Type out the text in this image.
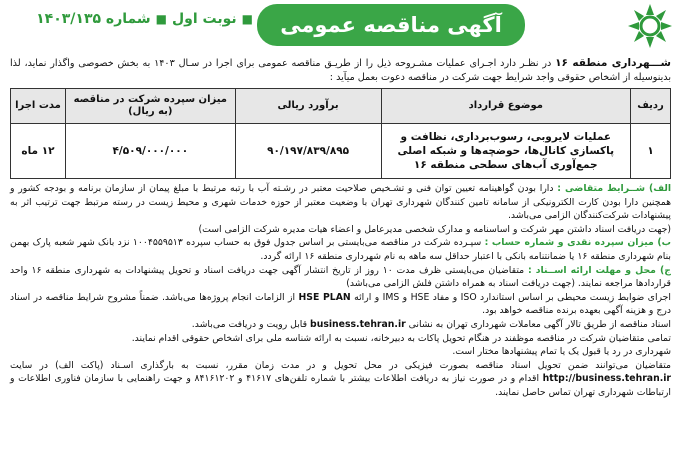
آگهی مناقصه عمومی
■
نوبت اول
■
شماره ۱۴۰۳/۱۳۵
شـــهرداری منطقه ۱۶ در نظـر دارد اجـرای عملیات مشـروحه ذیل را از طریـق مناقصه عمومی برای اجرا در سـال ۱۴۰۳ به بخش خصوصی واگذار نماید، لذا بدینوسیله از اشخاص حقوقی واجد شرایط جهت شرکت در مناقصه دعوت بعمل میآید :
ردیف	موضوع قرارداد	برآورد ریالی	میزان سپرده شرکت در مناقصه (به ریال)	مدت اجرا
۱	عملیات لایروبی، رسوب‌برداری، نظافت و پاکسازی کانال‌ها، حوضچه‌ها و شبکه اصلی جمع‌آوری آب‌های سطحی منطقه ۱۶	۹۰/۱۹۷/۸۳۹/۸۹۵	۴/۵۰۹/۰۰۰/۰۰۰	۱۲ ماه

الف) شــرایط متقاضی : دارا بودن گواهینامه تعیین توان فنی و تشـخیص صلاحیت معتبر در رشـته آب با رتبه مرتبط با مبلغ پیمان از سازمان برنامه و بودجه کشور و همچنین دارا بودن کارت الکترونیکی از سامانه تامین کنندگان شهرداری تهران با وضعیت معتبر از حوزه خدمات شهری و محیط زیست در رسته مرتبط جهت ترتیب اثر به پیشنهادات شرکت‌کنندگان الزامی می‌باشد.

(جهت دریافت اسناد داشتن مهر شرکت و اساسنامه و مدارک شخصی مدیرعامل و اعضاء هیات مدیره شرکت الزامی است)

ب) میزان سپرده نقدی و شماره حساب : سپـرده شرکت در مناقصه می‌بایستی بر اساس جدول فوق به حساب سپرده ۱۰۰۴۵۵۹۵۱۳ نزد بانک شهر شعبه پارک بهمن بنام شهرداری منطقه ۱۶ یا ضمانتنامه بانکی با اعتبار حداقل سه ماهه به نام شهرداری منطقه ۱۶ ارائه گردد.

ج) محل و مهلت ارائه اســناد : متقاضیان می‌بایستی ظرف مدت ۱۰ روز از تاریخ انتشار آگهی جهت دریافت اسناد و تحویل پیشنهادات به شهرداری منطقه ۱۶ واحد قراردادها مراجعه نمایند. (جهت دریافت اسناد به همراه داشتن فلش الزامی می‌باشد)

اجرای ضوابط زیست محیطی بر اساس استاندارد ISO و مفاد HSE و IMS و ارائه HSE PLAN از الزامات انجام پروژه‌ها می‌باشد. ضمناً مشروح شرایط مناقصه در اسناد درج و هزینه آگهی بعهده برنده مناقصه خواهد بود.

اسناد مناقصه از طریق تالار آگهی معاملات شهرداری تهران به نشانی business.tehran.ir قابل رویت و دریافت می‌باشد.

تمامی متقاضیان شرکت در مناقصه موظفند در هنگام تحویل پاکات به دبیرخانه، نسبت به ارائه شناسه ملی برای اشخاص حقوقی اقدام نمایند.

شهرداری در رد یا قبول یک یا تمام پیشنهادها مختار است.

متقاضیان می‌توانند ضمن تحویل اسناد مناقصه بصورت فیزیکی در محل تحویل و در مدت زمان مقرر، نسبت به بارگذاری اسـناد (پاکت الف) در سایت http://business.tehran.ir اقدام و در صورت نیاز به دریافت اطلاعات بیشتر با شماره تلفن‌های ۴۱۶۱۷ و ۸۴۱۶۱۲۰۲ و جهت راهنمایی با سازمان فناوری اطلاعات و ارتباطات شهرداری تهران تماس حاصل نمایند.
